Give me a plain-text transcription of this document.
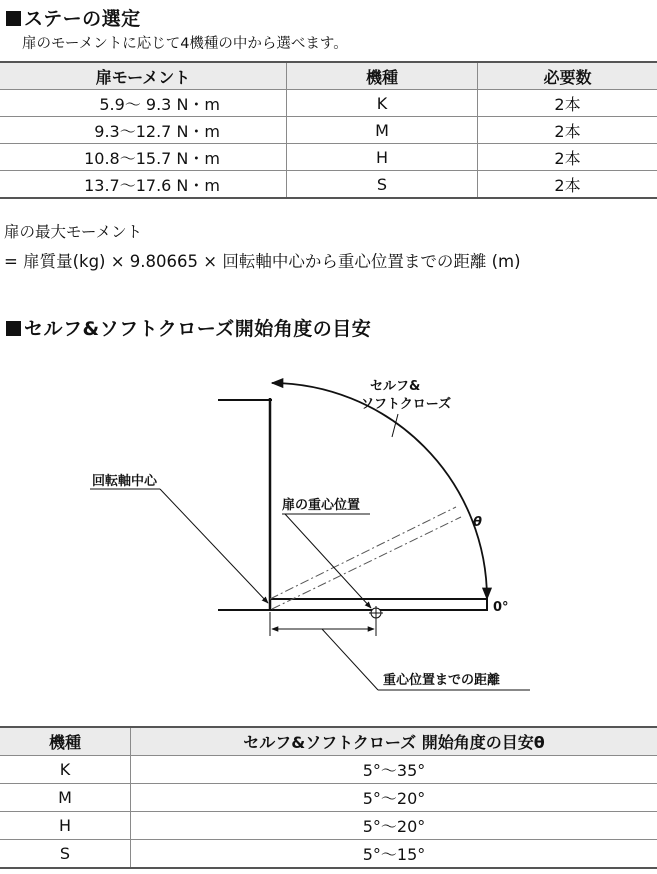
ステーの選定
扉のモーメントに応じて4機種の中から選べます。
扉モーメント	機種	必要数
5.9～ 9.3 N・m	K	2本
9.3～12.7 N・m	M	2本
10.8～15.7 N・m	H	2本
13.7～17.6 N・m	S	2本
扉の最大モーメント
= 扉質量(kg) × 9.80665 × 回転軸中心から重心位置までの距離 (m)
セルフ&ソフトクローズ開始角度の目安
セルフ&
ソフトクローズ
回転軸中心
扉の重心位置
θ
0°
重心位置までの距離
機種	セルフ&ソフトクローズ 開始角度の目安θ
K	5°～35°
M	5°～20°
H	5°～20°
S	5°～15°
